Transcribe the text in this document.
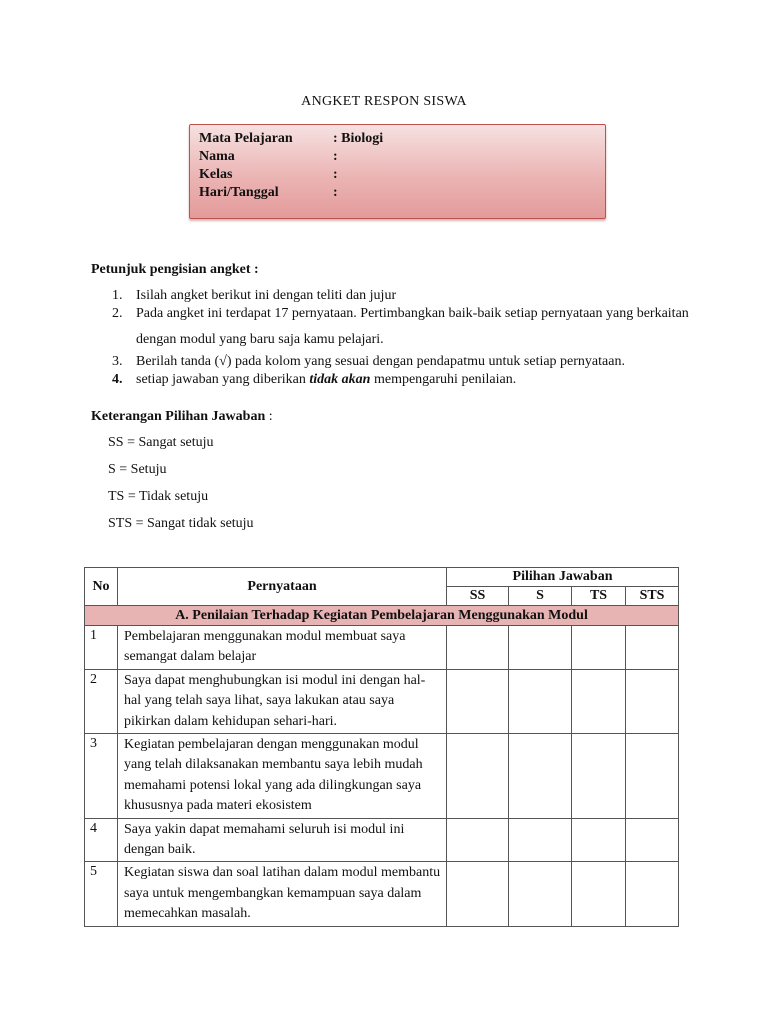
ANGKET RESPON SISWA
Mata Pelajaran	: Biologi
Nama	:
Kelas	:
Hari/Tanggal	:
Petunjuk pengisian angket :
1. Isilah angket berikut ini dengan teliti dan jujur
2. Pada angket ini terdapat 17 pernyataan. Pertimbangkan baik-baik setiap pernyataan yang berkaitan dengan modul yang baru saja kamu pelajari.
3. Berilah tanda (√) pada kolom yang sesuai dengan pendapatmu untuk setiap pernyataan.
4. setiap jawaban yang diberikan tidak akan mempengaruhi penilaian.
Keterangan Pilihan Jawaban :
SS = Sangat setuju
S = Setuju
TS = Tidak setuju
STS = Sangat tidak setuju
No	Pernyataan	Pilihan Jawaban			
		SS	S	TS	STS
A. Penilaian Terhadap Kegiatan Pembelajaran Menggunakan Modul					
1	Pembelajaran menggunakan modul membuat saya semangat dalam belajar				
2	Saya dapat menghubungkan isi modul ini dengan hal-hal yang telah saya lihat, saya lakukan atau saya pikirkan dalam kehidupan sehari-hari.				
3	Kegiatan pembelajaran dengan menggunakan modul yang telah dilaksanakan membantu saya lebih mudah memahami potensi lokal yang ada dilingkungan saya khususnya pada materi ekosistem				
4	Saya yakin dapat memahami seluruh isi modul ini dengan baik.				
5	Kegiatan siswa dan soal latihan dalam modul membantu saya untuk mengembangkan kemampuan saya dalam memecahkan masalah.				
